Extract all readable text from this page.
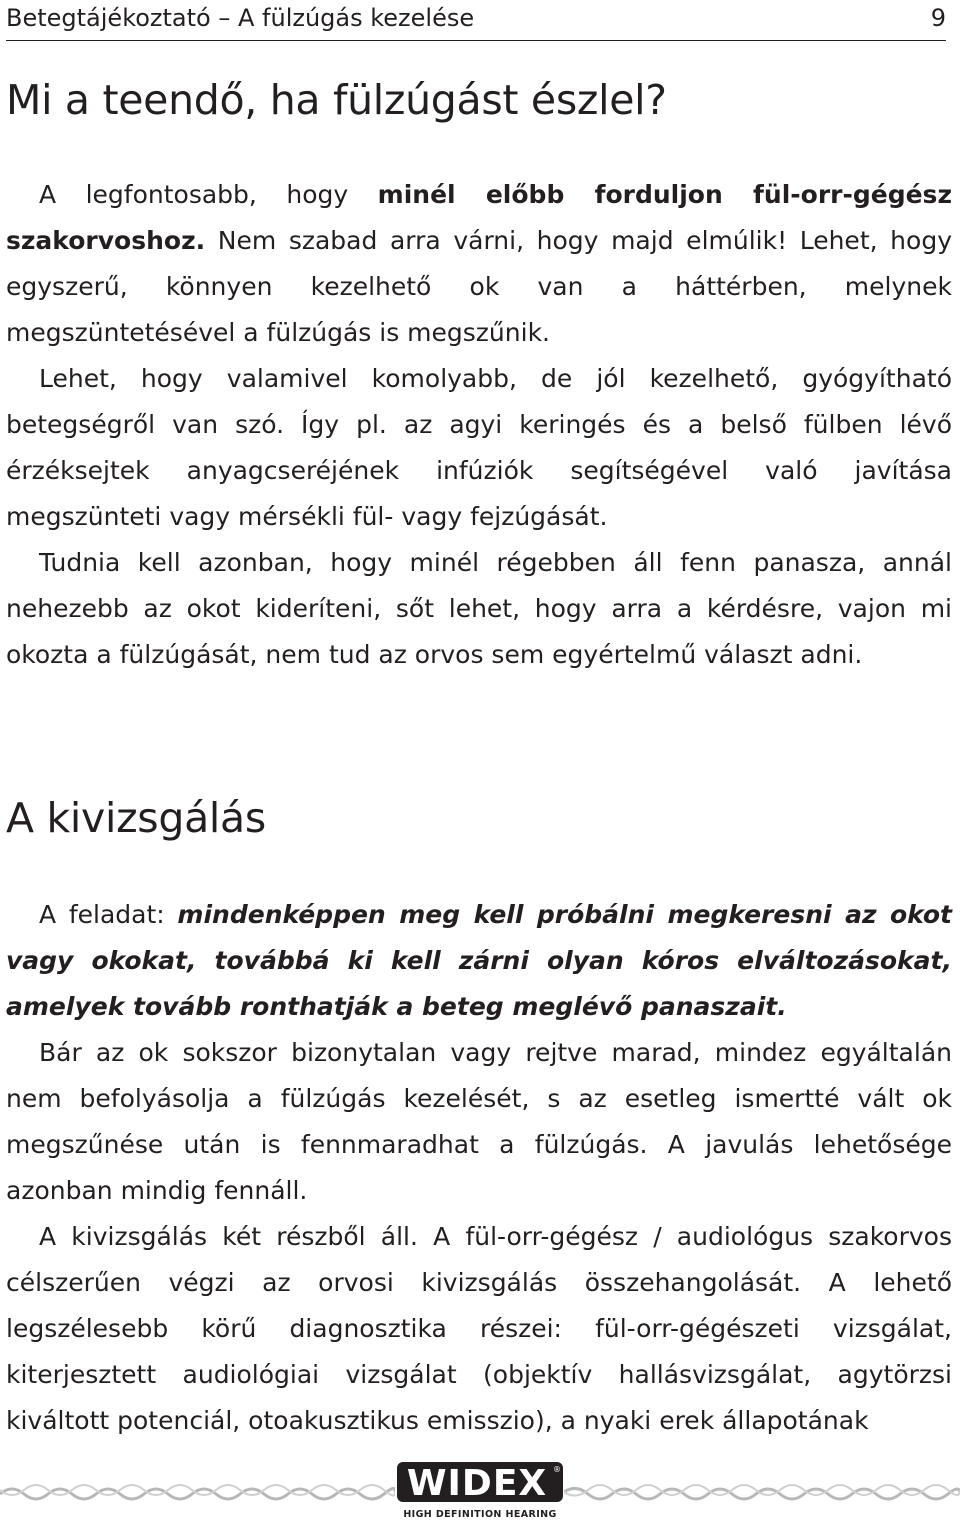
Betegtájékoztató – A fülzúgás kezelése	9
Mi a teendő, ha fülzúgást észlel?

A legfontosabb, hogy minél előbb forduljon fül-orr-gégész szakorvoshoz. Nem szabad arra várni, hogy majd elmúlik! Lehet, hogy egyszerű, könnyen kezelhető ok van a háttérben, melynek megszüntetésével a fülzúgás is megszűnik.

Lehet, hogy valamivel komolyabb, de jól kezelhető, gyógyítható betegségről van szó. Így pl. az agyi keringés és a belső fülben lévő érzéksejtek anyagcseréjének infúziók segítségével való javítása megszünteti vagy mérsékli fül- vagy fejzúgását.

Tudnia kell azonban, hogy minél régebben áll fenn panasza, annál nehezebb az okot kideríteni, sőt lehet, hogy arra a kérdésre, vajon mi okozta a fülzúgását, nem tud az orvos sem egyértelmű választ adni.

A kivizsgálás

A feladat: mindenképpen meg kell próbálni megkeresni az okot vagy okokat, továbbá ki kell zárni olyan kóros elváltozásokat, amelyek tovább ronthatják a beteg meglévő panaszait.

Bár az ok sokszor bizonytalan vagy rejtve marad, mindez egyáltalán nem befolyásolja a fülzúgás kezelését, s az esetleg ismertté vált ok megszűnése után is fennmaradhat a fülzúgás. A javulás lehetősége azonban mindig fennáll.

A kivizsgálás két részből áll. A fül-orr-gégész / audiológus szakorvos célszerűen végzi az orvosi kivizsgálás összehangolását. A lehető legszélesebb körű diagnosztika részei: fül-orr-gégészeti vizsgálat, kiterjesztett audiológiai vizsgálat (objektív hallásvizsgálat, agytörzsi kiváltott potenciál, otoakusztikus emisszio), a nyaki erek állapotának

WIDEX ®
HIGH DEFINITION HEARING
